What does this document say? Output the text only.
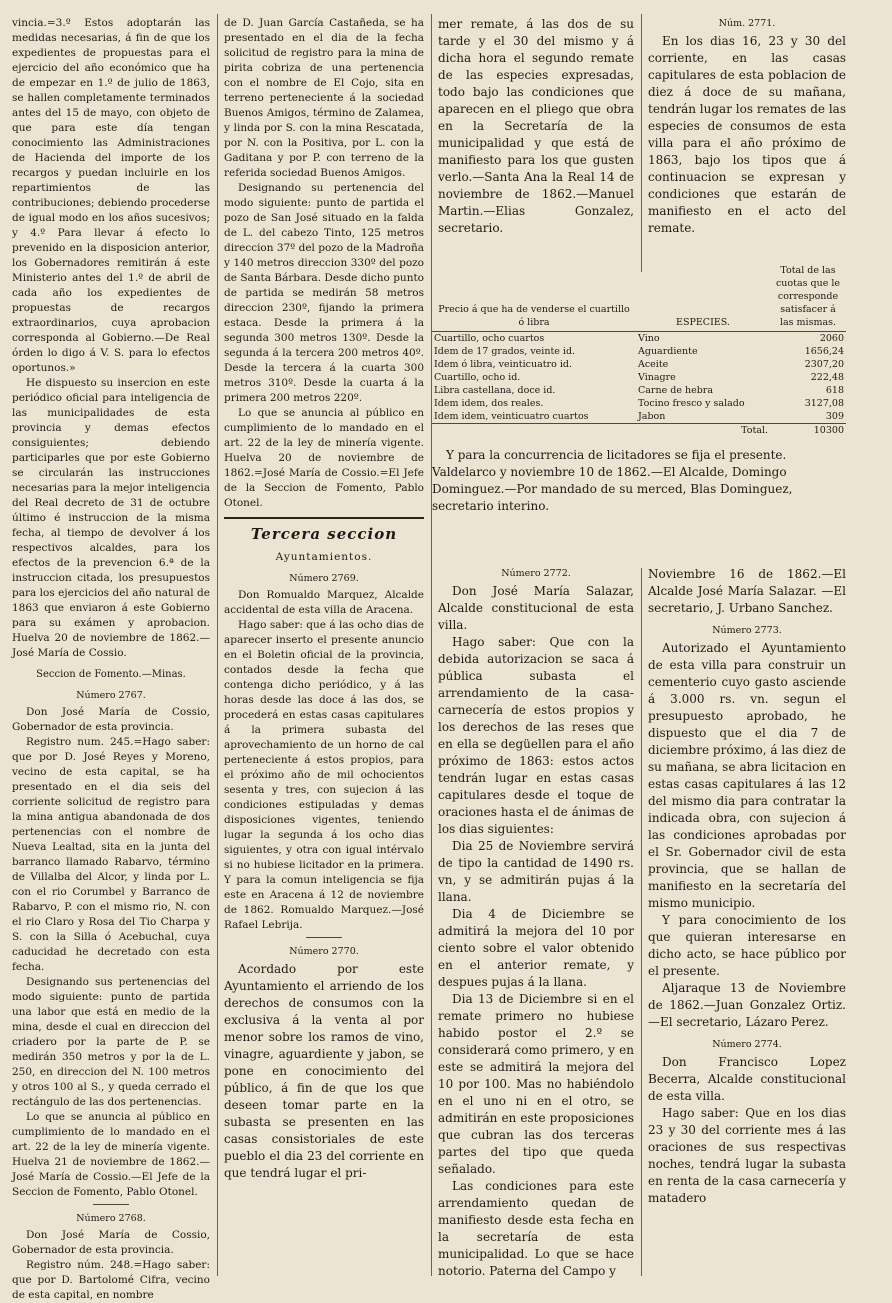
vincia.=3.º Estos adoptarán las medidas necesarias, á fin de que los expedientes de propuestas para el ejercicio del año económico que ha de empezar en 1.º de julio de 1863, se hallen completamente terminados antes del 15 de mayo, con objeto de que para este día tengan conocimiento las Administraciones de Hacienda del importe de los recargos y puedan incluirle en los repartimientos de las contribuciones; debiendo procederse de igual modo en los años sucesivos; y 4.º Para llevar á efecto lo prevenido en la disposicion anterior, los Gobernadores remitirán á este Ministerio antes del 1.º de abril de cada año los expedientes de propuestas de recargos extraordinarios, cuya aprobacion corresponda al Gobierno.—De Real órden lo digo á V. S. para lo efectos oportunos.»

He dispuesto su insercion en este periódico oficial para inteligencia de las municipalidades de esta provincia y demas efectos consiguientes; debiendo participarles que por este Gobierno se circularán las instrucciones necesarias para la mejor inteligencia del Real decreto de 31 de octubre último é instruccion de la misma fecha, al tiempo de devolver á los respectivos alcaldes, para los efectos de la prevencion 6.ª de la instruccion citada, los presupuestos para los ejercicios del año natural de 1863 que enviaron á este Gobierno para su exámen y aprobacion. Huelva 20 de noviembre de 1862.—José María de Cossio.

Seccion de Fomento.—Minas.
Número 2767.

Don José María de Cossio, Gobernador de esta provincia.

Registro num. 245.=Hago saber: que por D. José Reyes y Moreno, vecino de esta capital, se ha presentado en el dia seis del corriente solicitud de registro para la mina antigua abandonada de dos pertenencias con el nombre de Nueva Lealtad, sita en la junta del barranco llamado Rabarvo, término de Villalba del Alcor, y linda por L. con el rio Corumbel y Barranco de Rabarvo, P. con el mismo rio, N. con el rio Claro y Rosa del Tio Charpa y S. con la Silla ó Acebuchal, cuya caducidad he decretado con esta fecha.

Designando sus pertenencias del modo siguiente: punto de partida una labor que está en medio de la mina, desde el cual en direccion del criadero por la parte de P. se medirán 350 metros y por la de L. 250, en direccion del N. 100 metros y otros 100 al S., y queda cerrado el rectángulo de las dos pertenencias.

Lo que se anuncia al público en cumplimiento de lo mandado en el art. 22 de la ley de minería vigente. Huelva 21 de noviembre de 1862.—José María de Cossio.—El Jefe de la Seccion de Fomento, Pablo Otonel.

Número 2768.

Don José María de Cossio, Gobernador de esta provincia.

Registro núm. 248.=Hago saber: que por D. Bartolomé Cifra, vecino de esta capital, en nombre

de D. Juan García Castañeda, se ha presentado en el dia de la fecha solicitud de registro para la mina de pirita cobriza de una pertenencia con el nombre de El Cojo, sita en terreno perteneciente á la sociedad Buenos Amigos, término de Zalamea, y linda por S. con la mina Rescatada, por N. con la Positiva, por L. con la Gaditana y por P. con terreno de la referida sociedad Buenos Amigos.

Designando su pertenencia del modo siguiente: punto de partida el pozo de San José situado en la falda de L. del cabezo Tinto, 125 metros direccion 37º del pozo de la Madroña y 140 metros direccion 330º del pozo de Santa Bárbara. Desde dicho punto de partida se medirán 58 metros direccion 230º, fijando la primera estaca. Desde la primera á la segunda 300 metros 130º. Desde la segunda á la tercera 200 metros 40º. Desde la tercera á la cuarta 300 metros 310º. Desde la cuarta á la primera 200 metros 220º.

Lo que se anuncia al público en cumplimiento de lo mandado en el art. 22 de la ley de minería vigente. Huelva 20 de noviembre de 1862.=José María de Cossio.=El Jefe de la Seccion de Fomento, Pablo Otonel.

Tercera seccion
Ayuntamientos.
Número 2769.

Don Romualdo Marquez, Alcalde accidental de esta villa de Aracena.

Hago saber: que á las ocho dias de aparecer inserto el presente anuncio en el Boletin oficial de la provincia, contados desde la fecha que contenga dicho periódico, y á las horas desde las doce á las dos, se procederá en estas casas capitulares á la primera subasta del aprovechamiento de un horno de cal perteneciente á estos propios, para el próximo año de mil ochocientos sesenta y tres, con sujecion á las condiciones estipuladas y demas disposiciones vigentes, teniendo lugar la segunda á los ocho dias siguientes, y otra con igual intérvalo si no hubiese licitador en la primera. Y para la comun inteligencia se fija este en Aracena á 12 de noviembre de 1862. Romualdo Marquez.—José Rafael Lebrija.

Número 2770.

Acordado por este Ayuntamiento el arriendo de los derechos de consumos con la exclusiva á la venta al por menor sobre los ramos de vino, vinagre, aguardiente y jabon, se pone en conocimiento del público, á fin de que los que deseen tomar parte en la subasta se presenten en las casas consistoriales de este pueblo el dia 23 del corriente en que tendrá lugar el pri-

mer remate, á las dos de su tarde y el 30 del mismo y á dicha hora el segundo remate de las especies expresadas, todo bajo las condiciones que aparecen en el pliego que obra en la Secretaría de la municipalidad y que está de manifiesto para los que gusten verlo.—Santa Ana la Real 14 de noviembre de 1862.—Manuel Martin.—Elias Gonzalez, secretario.

Núm. 2771.

En los dias 16, 23 y 30 del corriente, en las casas capitulares de esta poblacion de diez á doce de su mañana, tendrán lugar los remates de las especies de consumos de esta villa para el año próximo de 1863, bajo los tipos que á continuacion se expresan y condiciones que estarán de manifiesto en el acto del remate.

Precio á que ha de venderse el cuartillo ó libra	ESPECIES.	Total de las cuotas que le corresponde satisfacer á las mismas.
Cuartillo, ocho cuartos	Vino	2060
Idem de 17 grados, veinte id.	Aguardiente	1656,24
Idem ó libra, veinticuatro id.	Aceite	2307,20
Cuartillo, ocho id.	Vinagre	222,48
Libra castellana, doce id.	Carne de hebra	618
Idem idem, dos reales.	Tocino fresco y salado	3127,08
Idem idem, veinticuatro cuartos	Jabon	309
	Total.	10300

Y para la concurrencia de licitadores se fija el presente. Valdelarco y noviembre 10 de 1862.—El Alcalde, Domingo Dominguez.—Por mandado de su merced, Blas Dominguez, secretario interino.

Número 2772.

Don José María Salazar, Alcalde constitucional de esta villa.

Hago saber: Que con la debida autorizacion se saca á pública subasta el arrendamiento de la casa-carnecería de estos propios y los derechos de las reses que en ella se degüellen para el año próximo de 1863: estos actos tendrán lugar en estas casas capitulares desde el toque de oraciones hasta el de ánimas de los dias siguientes:

Dia 25 de Noviembre servirá de tipo la cantidad de 1490 rs. vn, y se admitirán pujas á la llana.

Dia 4 de Diciembre se admitirá la mejora del 10 por ciento sobre el valor obtenido en el anterior remate, y despues pujas á la llana.

Dia 13 de Diciembre si en el remate primero no hubiese habido postor el 2.º se considerará como primero, y en este se admitirá la mejora del 10 por 100. Mas no habiéndolo en el uno ni en el otro, se admitirán en este proposiciones que cubran las dos terceras partes del tipo que queda señalado.

Las condiciones para este arrendamiento quedan de manifiesto desde esta fecha en la secretaría de esta municipalidad. Lo que se hace notorio. Paterna del Campo y

Noviembre 16 de 1862.—El Alcalde José María Salazar. —El secretario, J. Urbano Sanchez.

Número 2773.

Autorizado el Ayuntamiento de esta villa para construir un cementerio cuyo gasto asciende á 3.000 rs. vn. segun el presupuesto aprobado, he dispuesto que el dia 7 de diciembre próximo, á las diez de su mañana, se abra licitacion en estas casas capitulares á las 12 del mismo dia para contratar la indicada obra, con sujecion á las condiciones aprobadas por el Sr. Gobernador civil de esta provincia, que se hallan de manifiesto en la secretaría del mismo municipio.

Y para conocimiento de los que quieran interesarse en dicho acto, se hace público por el presente.

Aljaraque 13 de Noviembre de 1862.—Juan Gonzalez Ortiz.—El secretario, Lázaro Perez.

Número 2774.

Don Francisco Lopez Becerra, Alcalde constitucional de esta villa.

Hago saber: Que en los dias 23 y 30 del corriente mes á las oraciones de sus respectivas noches, tendrá lugar la subasta en renta de la casa carnecería y matadero
